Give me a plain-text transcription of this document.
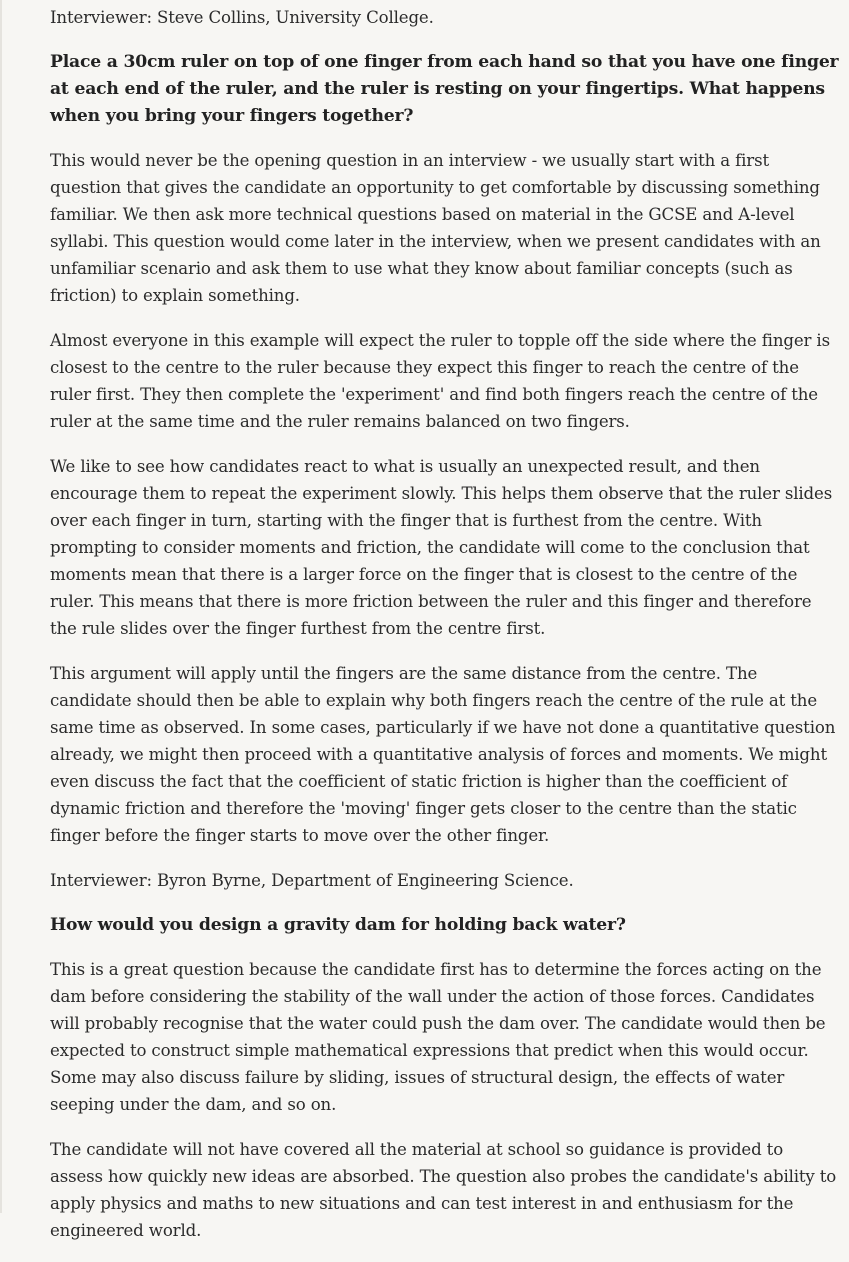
Interviewer: Steve Collins, University College.

Place a 30cm ruler on top of one finger from each hand so that you have one finger at each end of the ruler, and the ruler is resting on your fingertips. What happens when you bring your fingers together?

This would never be the opening question in an interview - we usually start with a first question that gives the candidate an opportunity to get comfortable by discussing something familiar. We then ask more technical questions based on material in the GCSE and A-level syllabi. This question would come later in the interview, when we present candidates with an unfamiliar scenario and ask them to use what they know about familiar concepts (such as friction) to explain something.

Almost everyone in this example will expect the ruler to topple off the side where the finger is closest to the centre to the ruler because they expect this finger to reach the centre of the ruler first. They then complete the 'experiment' and find both fingers reach the centre of the ruler at the same time and the ruler remains balanced on two fingers.

We like to see how candidates react to what is usually an unexpected result, and then encourage them to repeat the experiment slowly. This helps them observe that the ruler slides over each finger in turn, starting with the finger that is furthest from the centre. With prompting to consider moments and friction, the candidate will come to the conclusion that moments mean that there is a larger force on the finger that is closest to the centre of the ruler. This means that there is more friction between the ruler and this finger and therefore the rule slides over the finger furthest from the centre first.

This argument will apply until the fingers are the same distance from the centre. The candidate should then be able to explain why both fingers reach the centre of the rule at the same time as observed. In some cases, particularly if we have not done a quantitative question already, we might then proceed with a quantitative analysis of forces and moments. We might even discuss the fact that the coefficient of static friction is higher than the coefficient of dynamic friction and therefore the 'moving' finger gets closer to the centre than the static finger before the finger starts to move over the other finger.

Interviewer: Byron Byrne, Department of Engineering Science.

How would you design a gravity dam for holding back water?

This is a great question because the candidate first has to determine the forces acting on the dam before considering the stability of the wall under the action of those forces. Candidates will probably recognise that the water could push the dam over. The candidate would then be expected to construct simple mathematical expressions that predict when this would occur. Some may also discuss failure by sliding, issues of structural design, the effects of water seeping under the dam, and so on.

The candidate will not have covered all the material at school so guidance is provided to assess how quickly new ideas are absorbed. The question also probes the candidate's ability to apply physics and maths to new situations and can test interest in and enthusiasm for the engineered world.
